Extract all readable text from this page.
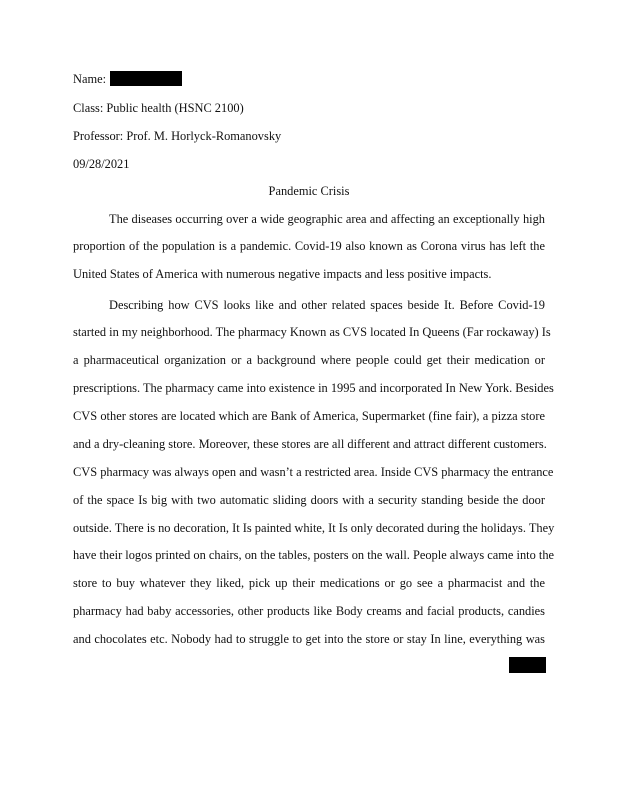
Name:
Class: Public health (HSNC 2100)
Professor: Prof. M. Horlyck-Romanovsky
09/28/2021
Pandemic Crisis
The diseases occurring over a wide geographic area and affecting an exceptionally high
proportion of the population is a pandemic. Covid-19 also known as Corona virus has left the
United States of America with numerous negative impacts and less positive impacts.
Describing how CVS looks like and other related spaces beside It. Before Covid-19
started in my neighborhood. The pharmacy Known as CVS located In Queens (Far rockaway) Is
a pharmaceutical organization or a background where people could get their medication or
prescriptions. The pharmacy came into existence in 1995 and incorporated In New York. Besides
CVS other stores are located which are Bank of America, Supermarket (fine fair), a pizza store
and a dry-cleaning store. Moreover, these stores are all different and attract different customers.
CVS pharmacy was always open and wasn’t a restricted area. Inside CVS pharmacy the entrance
of the space Is big with two automatic sliding doors with a security standing beside the door
outside. There is no decoration, It Is painted white, It Is only decorated during the holidays. They
have their logos printed on chairs, on the tables, posters on the wall. People always came into the
store to buy whatever they liked, pick up their medications or go see a pharmacist and the
pharmacy had baby accessories, other products like Body creams and facial products, candies
and chocolates etc. Nobody had to struggle to get into the store or stay In line, everything was
